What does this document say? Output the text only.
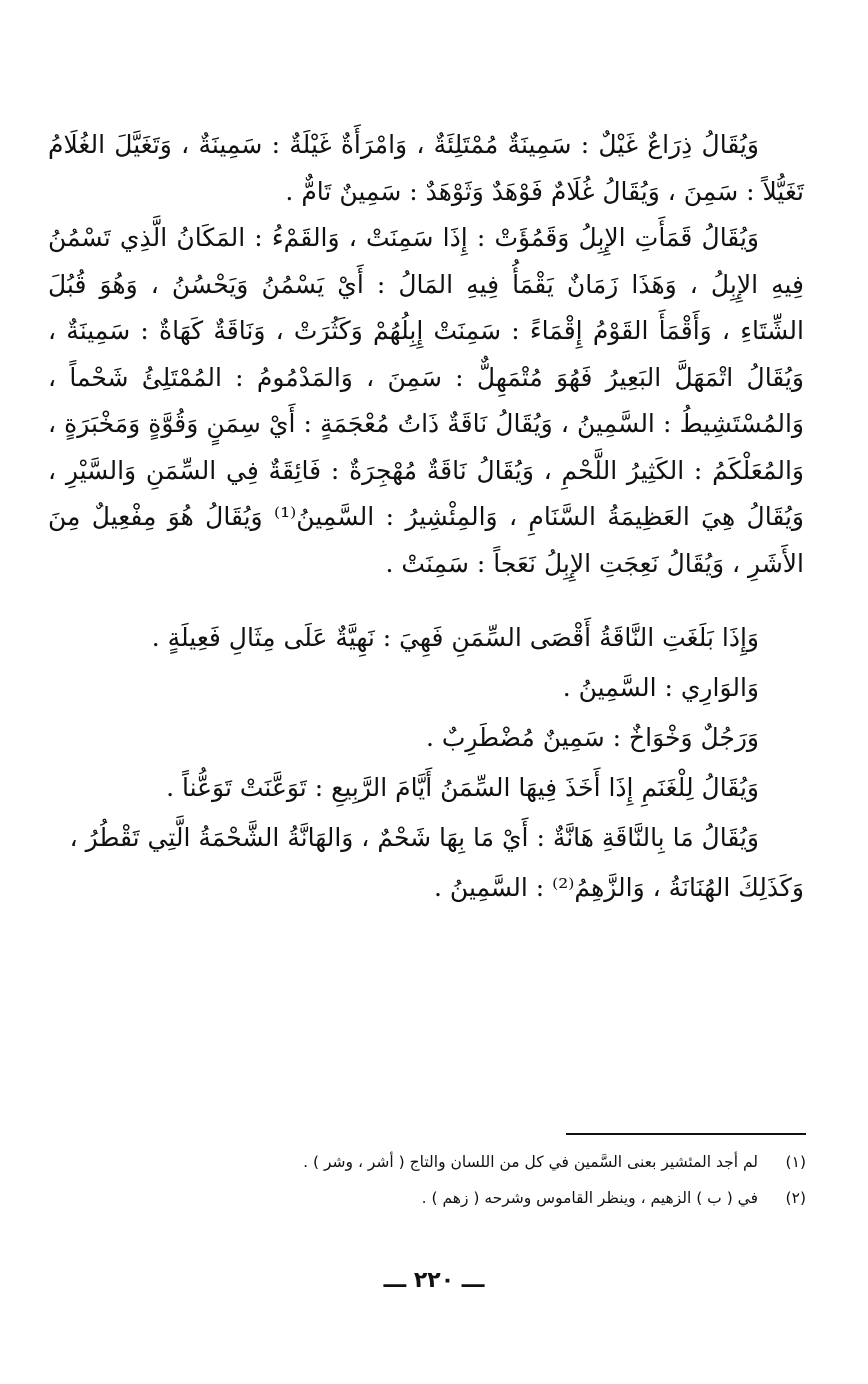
وَيُقَالُ ذِرَاعٌ غَيْلٌ : سَمِينَةٌ مُمْتَلِئَةٌ ، وَامْرَأَةٌ غَيْلَةٌ : سَمِينَةٌ ، وَتَغَيَّلَ الغُلَامُ تَغَيُّلاً : سَمِنَ ، وَيُقَالُ غُلَامٌ فَوْهَدٌ وَثَوْهَدٌ : سَمِينٌ تَامٌّ .

وَيُقَالُ قَمَأَتِ الإِبِلُ وَقَمُؤَتْ : إِذَا سَمِنَتْ ، وَالقَمْءُ : المَكَانُ الَّذِي تَسْمُنُ فِيهِ الإِبِلُ ، وَهَذَا زَمَانٌ يَقْمَأُ فِيهِ المَالُ : أَيْ يَسْمُنُ وَيَحْسُنُ ، وَهُوَ قُبُلَ الشِّتَاءِ ، وَأَقْمَأَ القَوْمُ إِقْمَاءً : سَمِنَتْ إِبِلُهُمْ وَكَثُرَتْ ، وَنَاقَةٌ كَهَاةٌ : سَمِينَةٌ ، وَيُقَالُ اتْمَهَلَّ البَعِيرُ فَهُوَ مُتْمَهِلٌّ : سَمِنَ ، وَالمَدْمُومُ : المُمْتَلِئُ شَحْماً ، وَالمُسْتَشِيطُ : السَّمِينُ ، وَيُقَالُ نَاقَةٌ ذَاتُ مُعْجَمَةٍ : أَيْ سِمَنٍ وَقُوَّةٍ وَمَخْبَرَةٍ ، وَالمُعَلْكَمُ : الكَثِيرُ اللَّحْمِ ، وَيُقَالُ نَاقَةٌ مُهْجِرَةٌ : فَائِقَةٌ فِي السِّمَنِ وَالسَّيْرِ ، وَيُقَالُ هِيَ العَظِيمَةُ السَّنَامِ ، وَالمِئْشِيرُ : السَّمِينُ⁽¹⁾ وَيُقَالُ هُوَ مِفْعِيلٌ مِنَ الأَشَرِ ، وَيُقَالُ نَعِجَتِ الإِبِلُ نَعَجاً : سَمِنَتْ .

وَإِذَا بَلَغَتِ النَّاقَةُ أَقْصَى السِّمَنِ فَهِيَ : نَهِيَّةٌ عَلَى مِثَالِ فَعِيلَةٍ .

وَالوَارِي : السَّمِينُ .

وَرَجُلٌ وَخْوَاخٌ : سَمِينٌ مُضْطَرِبٌ .

وَيُقَالُ لِلْغَنَمِ إِذَا أَخَذَ فِيهَا السِّمَنُ أَيَّامَ الرَّبِيعِ : تَوَعَّنَتْ تَوَعُّناً .

وَيُقَالُ مَا بِالنَّاقَةِ هَانَّةٌ : أَيْ مَا بِهَا شَحْمٌ ، وَالهَانَّةُ الشَّحْمَةُ الَّتِي تَقْطُرُ ،

وَكَذَلِكَ الهُنَانَةُ ، وَالزَّهِمُ⁽²⁾ : السَّمِينُ .

(١)
لم أجد المئشير بعنى السَّمين في كل من اللسان والتاج ( أشر ، وشر ) .

(٢)
في ( ب ) الزهيم ، وينظر القاموس وشرحه ( زهم ) .

ـــ ٢٢٠ ـــ
